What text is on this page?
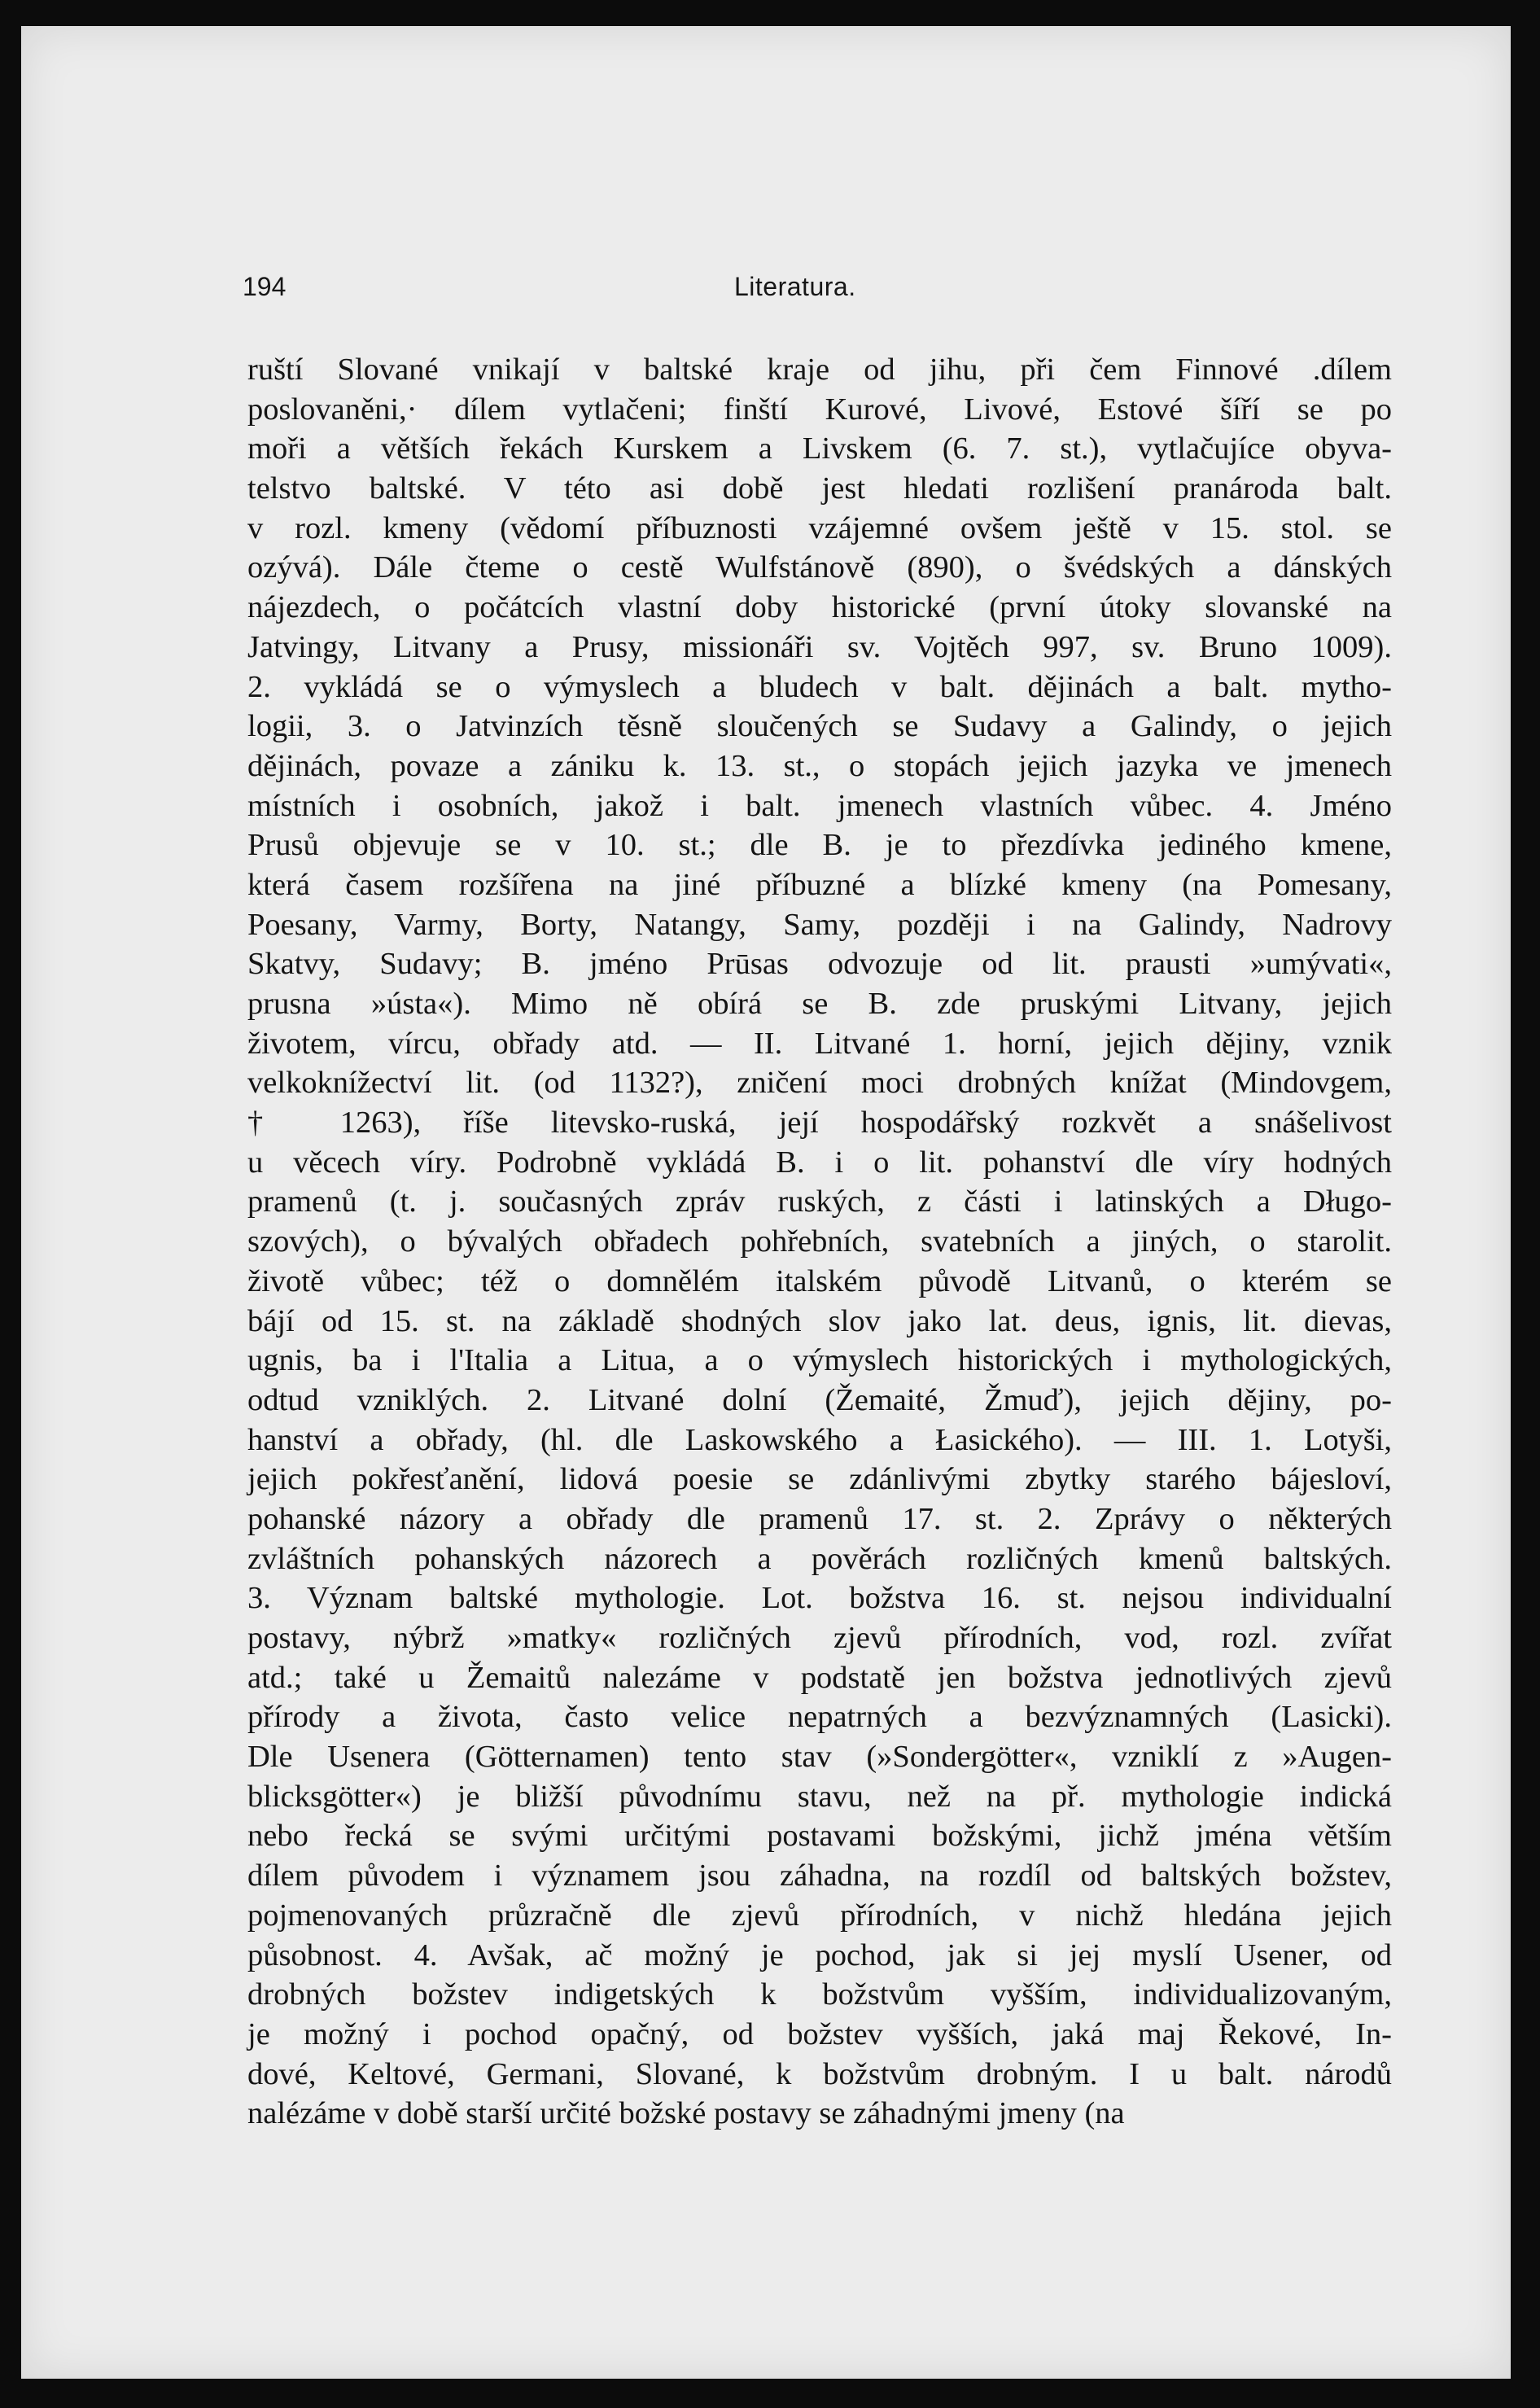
194	Literatura.
ruští Slované vnikají v baltské kraje od jihu, při čem Finnové .dílem
poslovaněni,· dílem vytlačeni; finští Kurové, Livové, Estové šíří se po
moři a větších řekách Kurskem a Livskem (6. 7. st.), vytlačujíce obyva-
telstvo baltské. V této asi době jest hledati rozlišení pranároda balt.
v rozl. kmeny (vědomí příbuznosti vzájemné ovšem ještě v 15. stol. se
ozývá). Dále čteme o cestě Wulfstánově (890), o švédských a dánských
nájezdech, o počátcích vlastní doby historické (první útoky slovanské na
Jatvingy, Litvany a Prusy, missionáři sv. Vojtěch 997, sv. Bruno 1009).
2. vykládá se o výmyslech a bludech v balt. dějinách a balt. mytho-
logii, 3. o Jatvinzích těsně sloučených se Sudavy a Galindy, o jejich
dějinách, povaze a zániku k. 13. st., o stopách jejich jazyka ve jmenech
místních i osobních, jakož i balt. jmenech vlastních vůbec. 4. Jméno
Prusů objevuje se v 10. st.; dle B. je to přezdívka jediného kmene,
která časem rozšířena na jiné příbuzné a blízké kmeny (na Pomesany,
Poesany, Varmy, Borty, Natangy, Samy, později i na Galindy, Nadrovy
Skatvy, Sudavy; B. jméno Prūsas odvozuje od lit. prausti »umývati«,
prusna »ústa«). Mimo ně obírá se B. zde pruskými Litvany, jejich
životem, vírcu, obřady atd. — II. Litvané 1. horní, jejich dějiny, vznik
velkoknížectví lit. (od 1132?), zničení moci drobných knížat (Mindovgem,
† 1263), říše litevsko-ruská, její hospodářský rozkvět a snášelivost
u věcech víry. Podrobně vykládá B. i o lit. pohanství dle víry hodných
pramenů (t. j. současných zpráv ruských, z části i latinských a Długo-
szových), o bývalých obřadech pohřebních, svatebních a jiných, o starolit.
životě vůbec; též o domnělém italském původě Litvanů, o kterém se
bájí od 15. st. na základě shodných slov jako lat. deus, ignis, lit. dievas,
ugnis, ba i l'Italia a Litua, a o výmyslech historických i mythologických,
odtud vzniklých. 2. Litvané dolní (Žemaité, Žmuď), jejich dějiny, po-
hanství a obřady, (hl. dle Laskowského a Łasického). — III. 1. Lotyši,
jejich pokřesťanění, lidová poesie se zdánlivými zbytky starého bájesloví,
pohanské názory a obřady dle pramenů 17. st. 2. Zprávy o některých
zvláštních pohanských názorech a pověrách rozličných kmenů baltských.
3. Význam baltské mythologie. Lot. božstva 16. st. nejsou individualní
postavy, nýbrž »matky« rozličných zjevů přírodních, vod, rozl. zvířat
atd.; také u Žemaitů nalezáme v podstatě jen božstva jednotlivých zjevů
přírody a života, často velice nepatrných a bezvýznamných (Lasicki).
Dle Usenera (Götternamen) tento stav (»Sondergötter«, vzniklí z »Augen-
blicksgötter«) je bližší původnímu stavu, než na př. mythologie indická
nebo řecká se svými určitými postavami božskými, jichž jména větším
dílem původem i významem jsou záhadna, na rozdíl od baltských božstev,
pojmenovaných průzračně dle zjevů přírodních, v nichž hledána jejich
působnost. 4. Avšak, ač možný je pochod, jak si jej myslí Usener, od
drobných božstev indigetských k božstvům vyšším, individualizovaným,
je možný i pochod opačný, od božstev vyšších, jaká maj Řekové, In-
dové, Keltové, Germani, Slované, k božstvům drobným. I u balt. národů
nalézáme v době starší určité božské postavy se záhadnými jmeny (na
